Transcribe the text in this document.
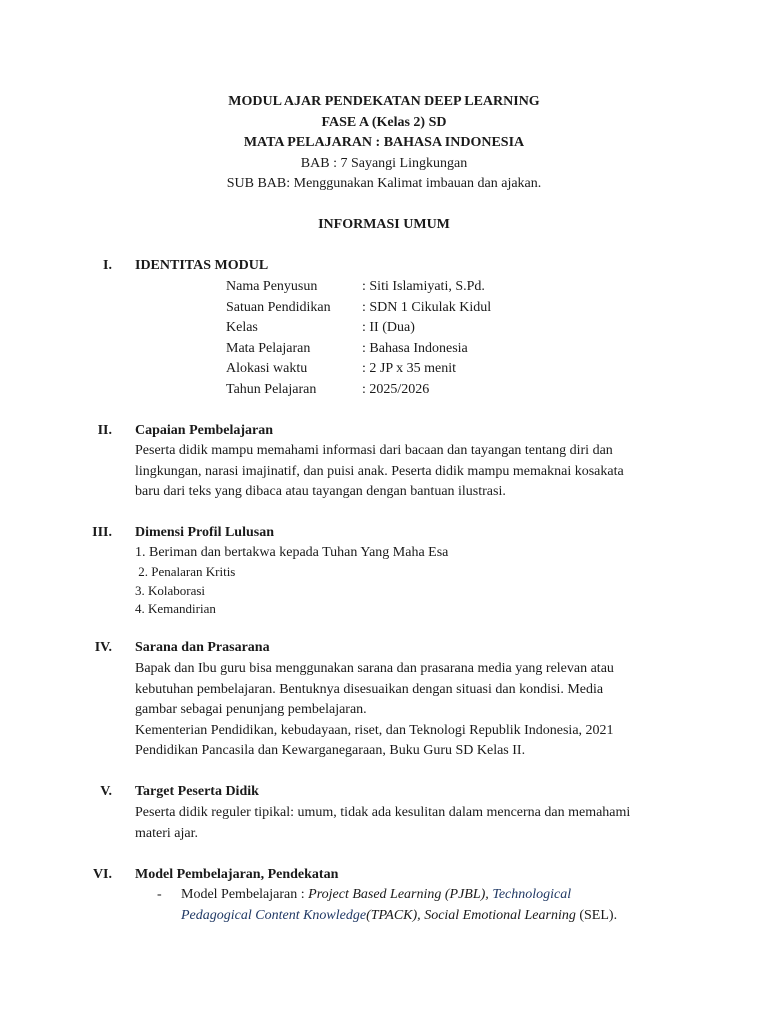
MODUL AJAR PENDEKATAN DEEP LEARNING
FASE A (Kelas 2) SD
MATA PELAJARAN : BAHASA INDONESIA
BAB : 7 Sayangi Lingkungan
SUB BAB: Menggunakan Kalimat imbauan dan ajakan.
INFORMASI UMUM
I. IDENTITAS MODUL
Nama Penyusun	: Siti Islamiyati, S.Pd.
Satuan Pendidikan	: SDN 1 Cikulak Kidul
Kelas	: II (Dua)
Mata Pelajaran	: Bahasa Indonesia
Alokasi waktu	: 2 JP x 35 menit
Tahun Pelajaran	: 2025/2026
II. Capaian Pembelajaran
Peserta didik mampu memahami informasi dari bacaan dan tayangan tentang diri dan
lingkungan, narasi imajinatif, dan puisi anak. Peserta didik mampu memaknai kosakata
baru dari teks yang dibaca atau tayangan dengan bantuan ilustrasi.
III. Dimensi Profil Lulusan
1. Beriman dan bertakwa kepada Tuhan Yang Maha Esa
2. Penalaran Kritis
3. Kolaborasi
4. Kemandirian
IV. Sarana dan Prasarana
Bapak dan Ibu guru bisa menggunakan sarana dan prasarana media yang relevan atau
kebutuhan pembelajaran. Bentuknya disesuaikan dengan situasi dan kondisi. Media
gambar sebagai penunjang pembelajaran.
Kementerian Pendidikan, kebudayaan, riset, dan Teknologi Republik Indonesia, 2021
Pendidikan Pancasila dan Kewarganegaraan, Buku Guru SD Kelas II.
V. Target Peserta Didik
Peserta didik reguler tipikal: umum, tidak ada kesulitan dalam mencerna dan memahami
materi ajar.
VI. Model Pembelajaran, Pendekatan
- Model Pembelajaran : Project Based Learning (PJBL), Technological
Pedagogical Content Knowledge(TPACK), Social Emotional Learning (SEL).
